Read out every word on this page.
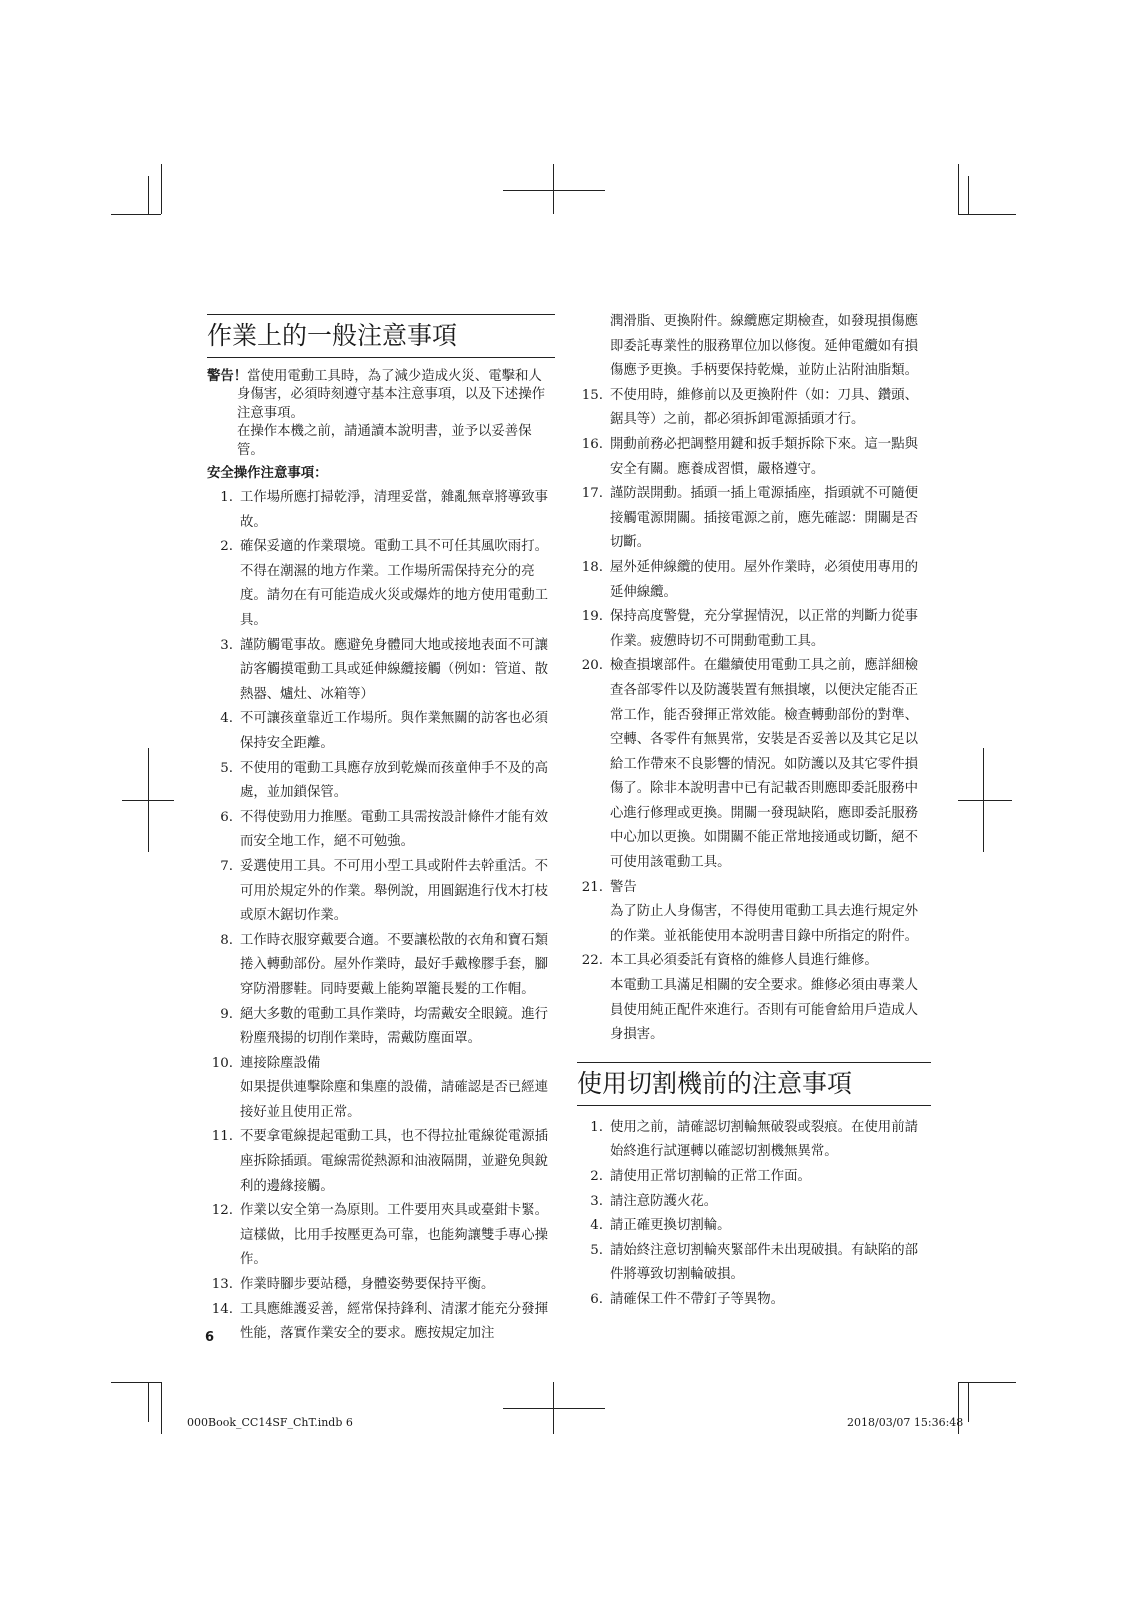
作業上的一般注意事項
警告！當使用電動工具時，為了減少造成火災、電擊和人身傷害，必須時刻遵守基本注意事項，以及下述操作注意事項。
在操作本機之前，請通讀本說明書，並予以妥善保管。
安全操作注意事項：
1. 工作場所應打掃乾淨，清理妥當，雜亂無章將導致事故。
2. 確保妥適的作業環境。電動工具不可任其風吹雨打。不得在潮濕的地方作業。工作場所需保持充分的亮度。請勿在有可能造成火災或爆炸的地方使用電動工具。
3. 謹防觸電事故。應避免身體同大地或接地表面不可讓訪客觸摸電動工具或延伸線纜接觸（例如：管道、散熱器、爐灶、冰箱等）
4. 不可讓孩童靠近工作場所。與作業無關的訪客也必須保持安全距離。
5. 不使用的電動工具應存放到乾燥而孩童伸手不及的高處，並加鎖保管。
6. 不得使勁用力推壓。電動工具需按設計條件才能有效而安全地工作，絕不可勉強。
7. 妥選使用工具。不可用小型工具或附件去幹重活。不可用於規定外的作業。舉例說，用圓鋸進行伐木打枝或原木鋸切作業。
8. 工作時衣服穿戴要合適。不要讓松散的衣角和寶石類捲入轉動部份。屋外作業時，最好手戴橡膠手套，腳穿防滑膠鞋。同時要戴上能夠罩籠長髮的工作帽。
9. 絕大多數的電動工具作業時，均需戴安全眼鏡。進行粉塵飛揚的切削作業時，需戴防塵面罩。
10. 連接除塵設備
如果提供連擊除塵和集塵的設備，請確認是否已經連接好並且使用正常。
11. 不要拿電線提起電動工具，也不得拉扯電線從電源插座拆除插頭。電線需從熱源和油液隔開，並避免與銳利的邊緣接觸。
12. 作業以安全第一為原則。工件要用夾具或臺鉗卡緊。這樣做，比用手按壓更為可靠，也能夠讓雙手專心操作。
13. 作業時腳步要站穩，身體姿勢要保持平衡。
14. 工具應維護妥善，經常保持鋒利、清潔才能充分發揮性能，落實作業安全的要求。應按規定加注

潤滑脂、更換附件。線纜應定期檢查，如發現損傷應即委託專業性的服務單位加以修復。延伸電纜如有損傷應予更換。手柄要保持乾燥，並防止沾附油脂類。

15. 不使用時，維修前以及更換附件（如：刀具、鑽頭、鋸具等）之前，都必須拆卸電源插頭才行。
16. 開動前務必把調整用鍵和扳手類拆除下來。這一點與安全有關。應養成習慣，嚴格遵守。
17. 謹防誤開動。插頭一插上電源插座，指頭就不可隨便接觸電源開關。插接電源之前，應先確認：開關是否切斷。
18. 屋外延伸線纜的使用。屋外作業時，必須使用專用的延伸線纜。
19. 保持高度警覺，充分掌握情況，以正常的判斷力從事作業。疲憊時切不可開動電動工具。
20. 檢查損壞部件。在繼續使用電動工具之前，應詳細檢查各部零件以及防護裝置有無損壞，以便決定能否正常工作，能否發揮正常效能。檢查轉動部份的對準、空轉、各零件有無異常，安裝是否妥善以及其它足以給工作帶來不良影響的情況。如防護以及其它零件損傷了。除非本說明書中已有記載否則應即委託服務中心進行修理或更換。開關一發現缺陷，應即委託服務中心加以更換。如開關不能正常地接通或切斷，絕不可使用該電動工具。
21. 警告
為了防止人身傷害，不得使用電動工具去進行規定外的作業。並祇能使用本說明書目錄中所指定的附件。
22. 本工具必須委託有資格的維修人員進行維修。
本電動工具滿足相關的安全要求。維修必須由專業人員使用純正配件來進行。否則有可能會給用戶造成人身損害。
使用切割機前的注意事項
1. 使用之前，請確認切割輪無破裂或裂痕。在使用前請始終進行試運轉以確認切割機無異常。
2. 請使用正常切割輪的正常工作面。
3. 請注意防護火花。
4. 請正確更換切割輪。
5. 請始終注意切割輪夾緊部件未出現破損。有缺陷的部件將導致切割輪破損。
6. 請確保工件不帶釘子等異物。
6
000Book_CC14SF_ChT.indb 6	2018/03/07 15:36:48
